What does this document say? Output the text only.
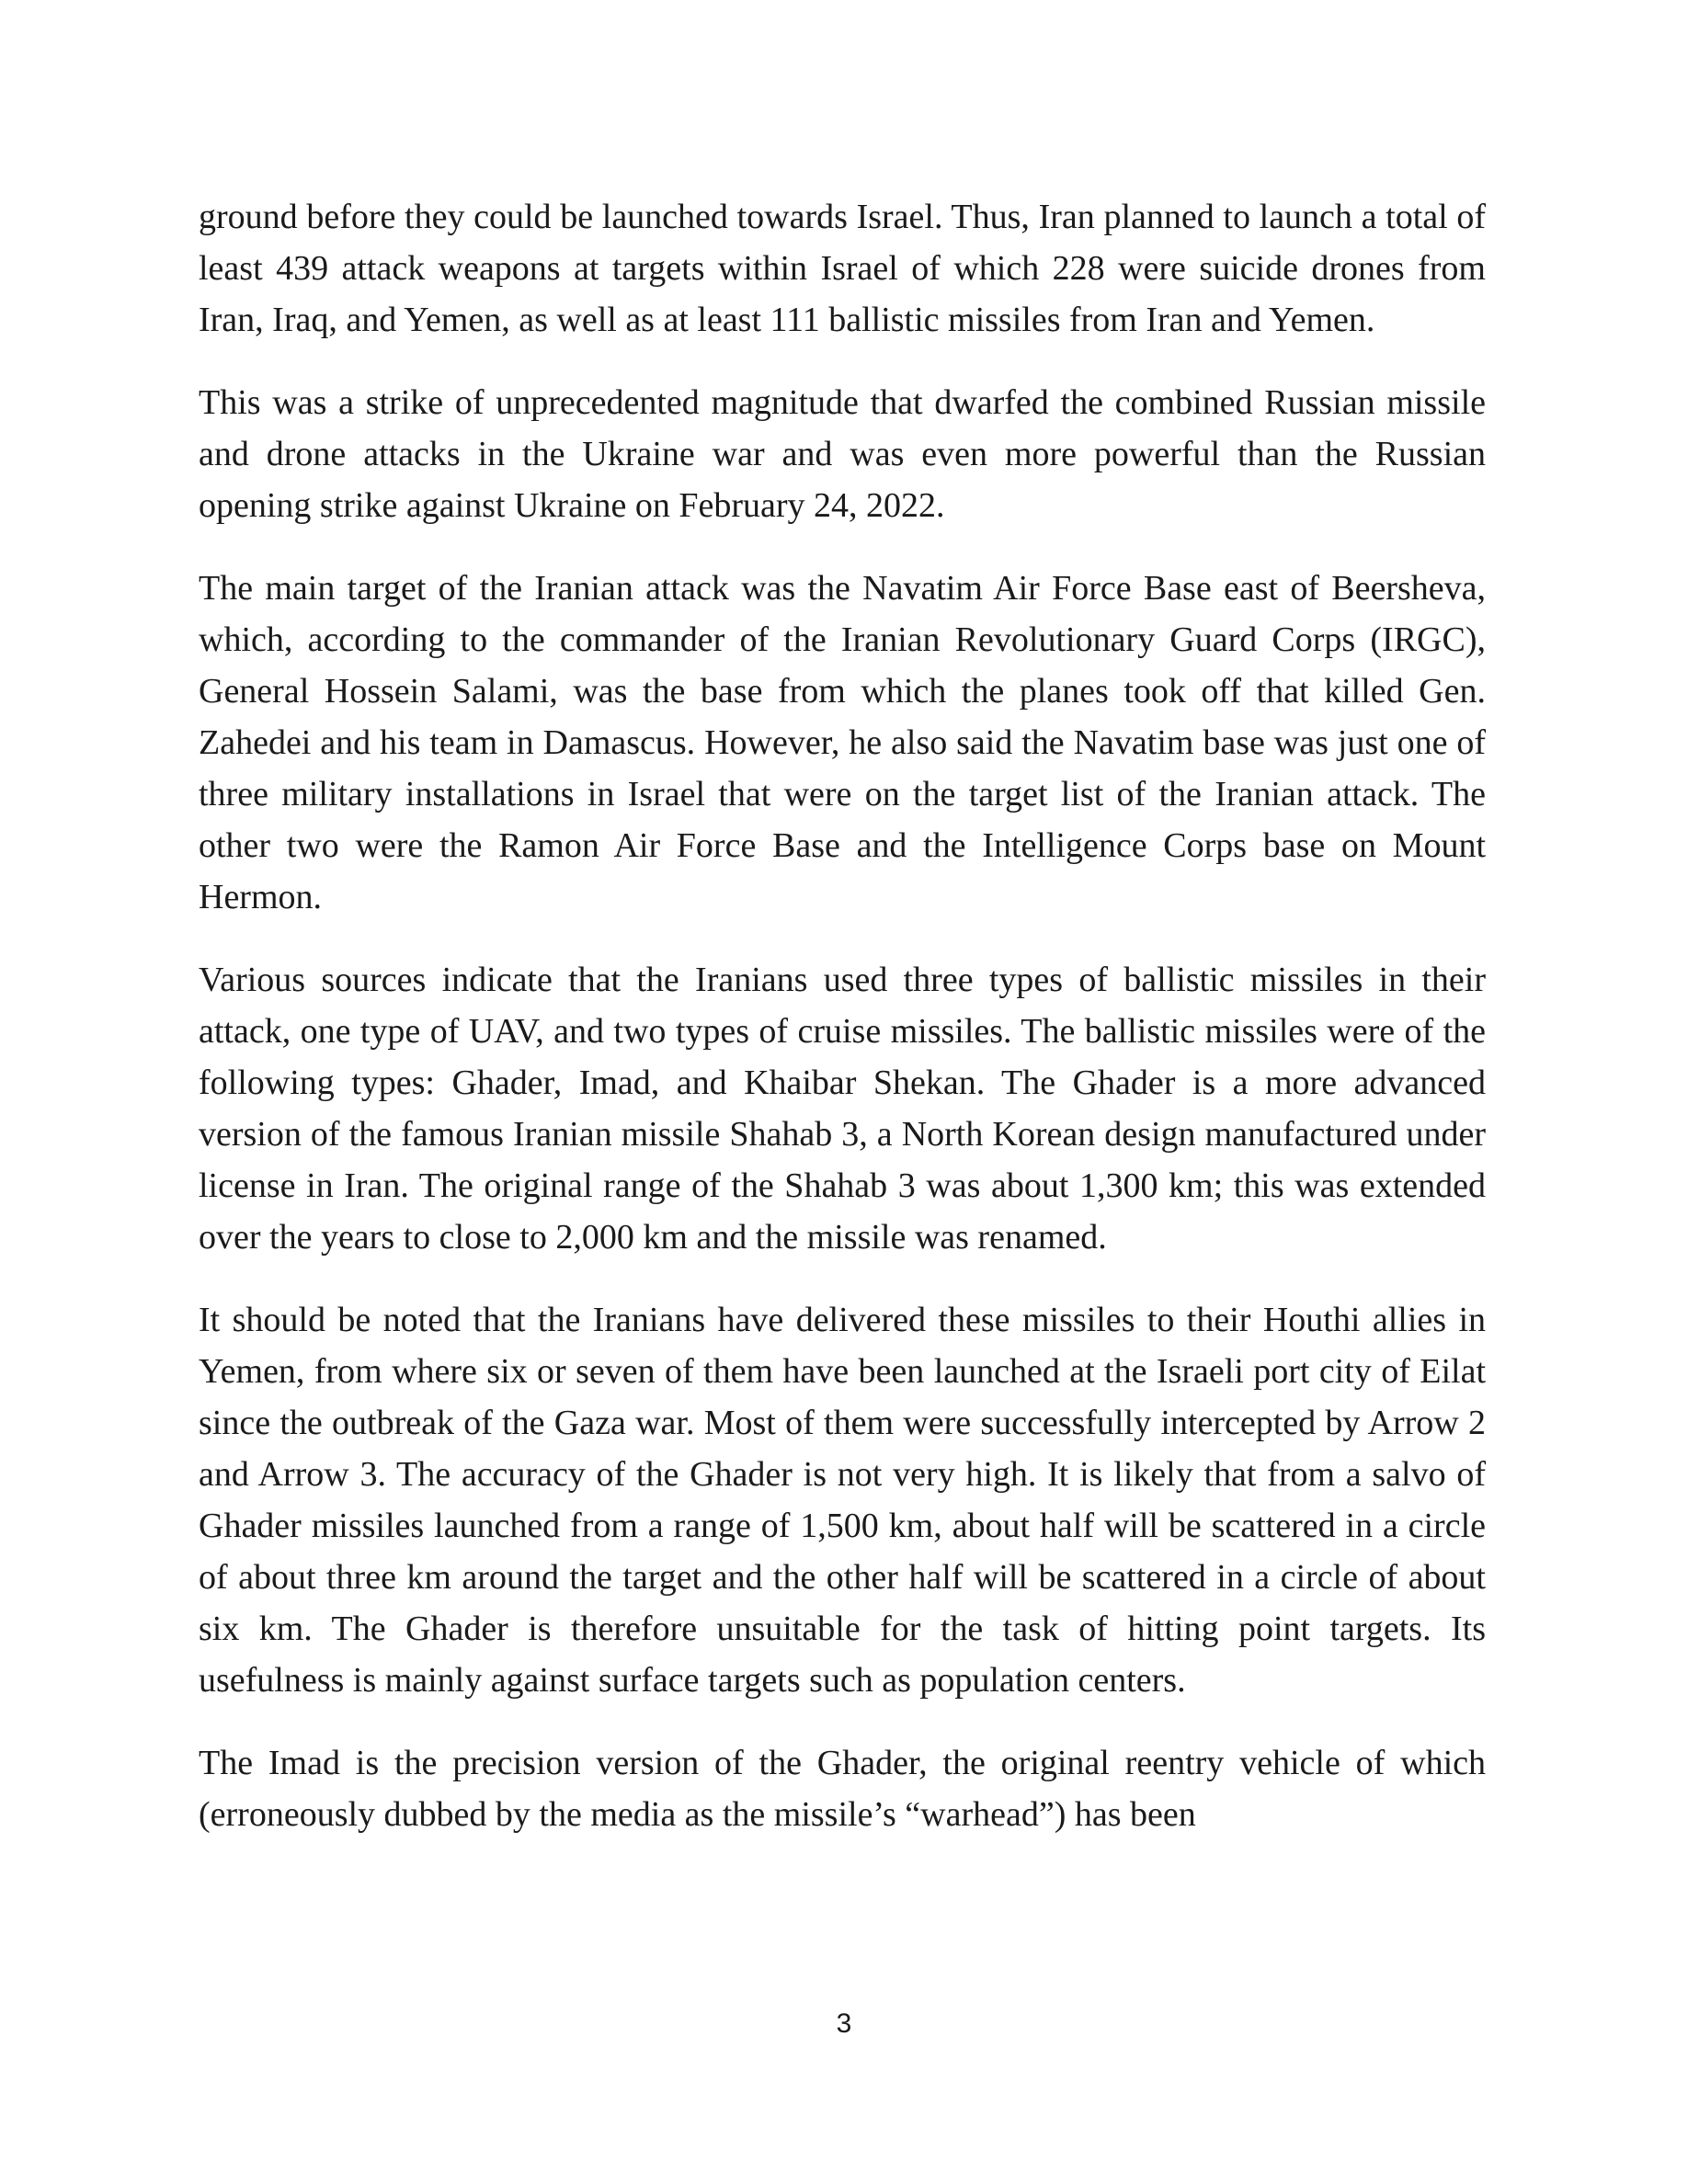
ground before they could be launched towards Israel. Thus, Iran planned to launch a total of least 439 attack weapons at targets within Israel of which 228 were suicide drones from Iran, Iraq, and Yemen, as well as at least 111 ballistic missiles from Iran and Yemen.

This was a strike of unprecedented magnitude that dwarfed the combined Russian missile and drone attacks in the Ukraine war and was even more powerful than the Russian opening strike against Ukraine on February 24, 2022.

The main target of the Iranian attack was the Navatim Air Force Base east of Beersheva, which, according to the commander of the Iranian Revolutionary Guard Corps (IRGC), General Hossein Salami, was the base from which the planes took off that killed Gen. Zahedei and his team in Damascus. However, he also said the Navatim base was just one of three military installations in Israel that were on the target list of the Iranian attack. The other two were the Ramon Air Force Base and the Intelligence Corps base on Mount Hermon.

Various sources indicate that the Iranians used three types of ballistic missiles in their attack, one type of UAV, and two types of cruise missiles. The ballistic missiles were of the following types: Ghader, Imad, and Khaibar Shekan. The Ghader is a more advanced version of the famous Iranian missile Shahab 3, a North Korean design manufactured under license in Iran. The original range of the Shahab 3 was about 1,300 km; this was extended over the years to close to 2,000 km and the missile was renamed.

It should be noted that the Iranians have delivered these missiles to their Houthi allies in Yemen, from where six or seven of them have been launched at the Israeli port city of Eilat since the outbreak of the Gaza war. Most of them were successfully intercepted by Arrow 2 and Arrow 3. The accuracy of the Ghader is not very high. It is likely that from a salvo of Ghader missiles launched from a range of 1,500 km, about half will be scattered in a circle of about three km around the target and the other half will be scattered in a circle of about six km. The Ghader is therefore unsuitable for the task of hitting point targets. Its usefulness is mainly against surface targets such as population centers.

The Imad is the precision version of the Ghader, the original reentry vehicle of which (erroneously dubbed by the media as the missile’s “warhead”) has been

3
